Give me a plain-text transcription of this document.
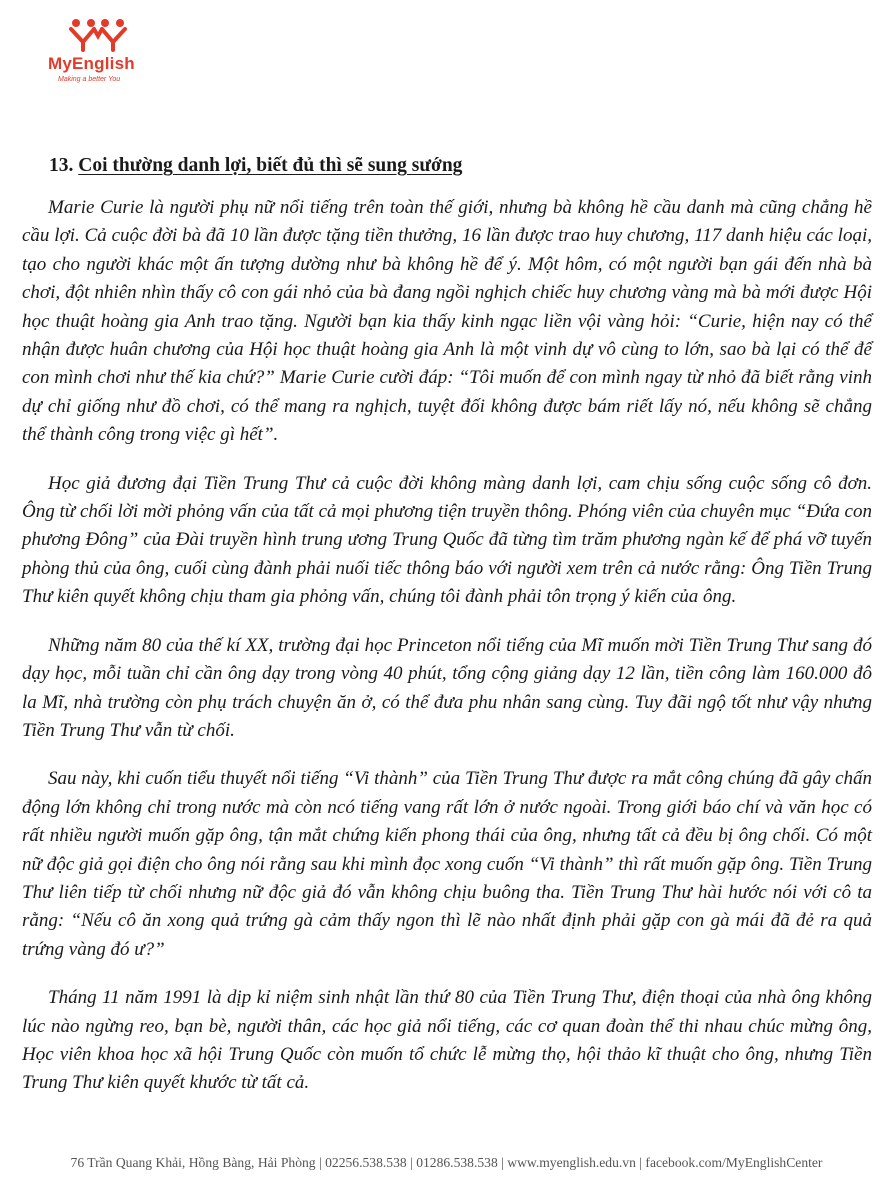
MyEnglish
Making a better You
13. Coi thường danh lợi, biết đủ thì sẽ sung sướng

Marie Curie là người phụ nữ nổi tiếng trên toàn thế giới, nhưng bà không hề cầu danh mà cũng chẳng hề cầu lợi. Cả cuộc đời bà đã 10 lần được tặng tiền thưởng, 16 lần được trao huy chương, 117 danh hiệu các loại, tạo cho người khác một ấn tượng dường như bà không hề để ý. Một hôm, có một người bạn gái đến nhà bà chơi, đột nhiên nhìn thấy cô con gái nhỏ của bà đang ngồi nghịch chiếc huy chương vàng mà bà mới được Hội học thuật hoàng gia Anh trao tặng. Người bạn kia thấy kinh ngạc liền vội vàng hỏi: “Curie, hiện nay có thể nhận được huân chương của Hội học thuật hoàng gia Anh là một vinh dự vô cùng to lớn, sao bà lại có thể để con mình chơi như thế kia chứ?” Marie Curie cười đáp: “Tôi muốn để con mình ngay từ nhỏ đã biết rằng vinh dự chỉ giống như đồ chơi, có thể mang ra nghịch, tuyệt đối không được bám riết lấy nó, nếu không sẽ chẳng thể thành công trong việc gì hết”.

Học giả đương đại Tiền Trung Thư cả cuộc đời không màng danh lợi, cam chịu sống cuộc sống cô đơn. Ông từ chối lời mời phỏng vấn của tất cả mọi phương tiện truyền thông. Phóng viên của chuyên mục “Đứa con phương Đông” của Đài truyền hình trung ương Trung Quốc đã từng tìm trăm phương ngàn kế để phá vỡ tuyến phòng thủ của ông, cuối cùng đành phải nuối tiếc thông báo với người xem trên cả nước rằng: Ông Tiền Trung Thư kiên quyết không chịu tham gia phỏng vấn, chúng tôi đành phải tôn trọng ý kiến của ông.

Những năm 80 của thế kí XX, trường đại học Princeton nổi tiếng của Mĩ muốn mời Tiền Trung Thư sang đó dạy học, mỗi tuần chỉ cần ông dạy trong vòng 40 phút, tổng cộng giảng dạy 12 lần, tiền công làm 160.000 đô la Mĩ, nhà trường còn phụ trách chuyện ăn ở, có thể đưa phu nhân sang cùng. Tuy đãi ngộ tốt như vậy nhưng Tiền Trung Thư vẫn từ chối.

Sau này, khi cuốn tiểu thuyết nổi tiếng “Vi thành” của Tiền Trung Thư được ra mắt công chúng đã gây chấn động lớn không chỉ trong nước mà còn ncó tiếng vang rất lớn ở nước ngoài. Trong giới báo chí và văn học có rất nhiều người muốn gặp ông, tận mắt chứng kiến phong thái của ông, nhưng tất cả đều bị ông chối. Có một nữ độc giả gọi điện cho ông nói rằng sau khi mình đọc xong cuốn “Vi thành” thì rất muốn gặp ông. Tiền Trung Thư liên tiếp từ chối nhưng nữ độc giả đó vẫn không chịu buông tha. Tiền Trung Thư hài hước nói với cô ta rằng: “Nếu cô ăn xong quả trứng gà cảm thấy ngon thì lẽ nào nhất định phải gặp con gà mái đã đẻ ra quả trứng vàng đó ư?”

Tháng 11 năm 1991 là dịp kỉ niệm sinh nhật lần thứ 80 của Tiền Trung Thư, điện thoại của nhà ông không lúc nào ngừng reo, bạn bè, người thân, các học giả nổi tiếng, các cơ quan đoàn thể thi nhau chúc mừng ông, Học viên khoa học xã hội Trung Quốc còn muốn tổ chức lễ mừng thọ, hội thảo kĩ thuật cho ông, nhưng Tiền Trung Thư kiên quyết khước từ tất cả.

76 Trần Quang Khải, Hồng Bàng, Hải Phòng | 02256.538.538 | 01286.538.538 | www.myenglish.edu.vn | facebook.com/MyEnglishCenter
